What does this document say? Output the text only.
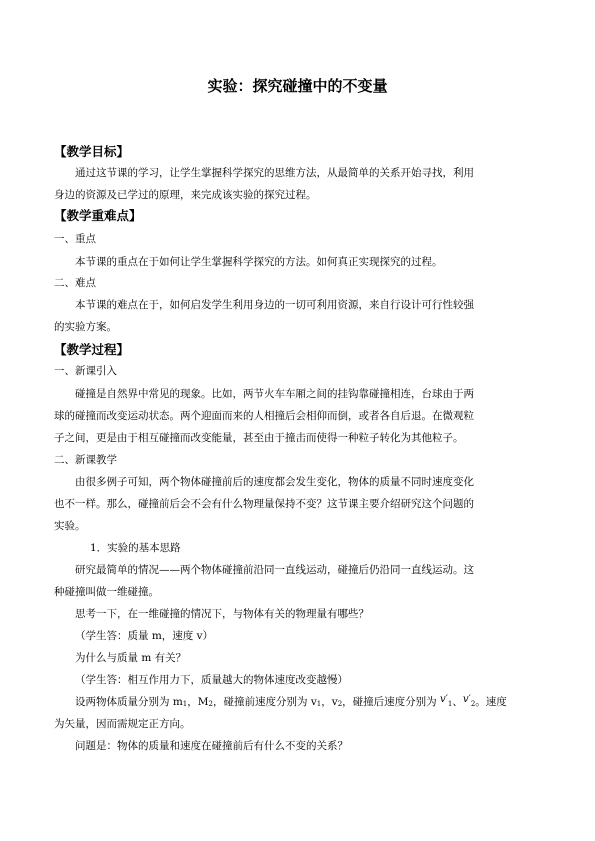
实验：探究碰撞中的不变量
【教学目标】
通过这节课的学习，让学生掌握科学探究的思维方法，从最简单的关系开始寻找，利用
身边的资源及已学过的原理，来完成该实验的探究过程。
【教学重难点】
一、重点
本节课的重点在于如何让学生掌握科学探究的方法。如何真正实现探究的过程。
二、难点
本节课的难点在于，如何启发学生利用身边的一切可利用资源，来自行设计可行性较强
的实验方案。
【教学过程】
一、新课引入
碰撞是自然界中常见的现象。比如，两节火车车厢之间的挂钩靠碰撞相连，台球由于两
球的碰撞而改变运动状态。两个迎面而来的人相撞后会相仰而倒，或者各自后退。在微观粒
子之间，更是由于相互碰撞而改变能量，甚至由于撞击而使得一种粒子转化为其他粒子。
二、新课教学
由很多例子可知，两个物体碰撞前后的速度都会发生变化，物体的质量不同时速度变化
也不一样。那么，碰撞前后会不会有什么物理量保持不变？这节课主要介绍研究这个问题的
实验。
1．实验的基本思路
研究最简单的情况——两个物体碰撞前沿同一直线运动，碰撞后仍沿同一直线运动。这
种碰撞叫做一维碰撞。
思考一下，在一维碰撞的情况下，与物体有关的物理量有哪些？
（学生答：质量 m，速度 v）
为什么与质量 m 有关？
（学生答：相互作用力下，质量越大的物体速度改变越慢）
设两物体质量分别为 m1，M2，碰撞前速度分别为 v1，v2，碰撞后速度分别为 v′1、v′2。速度
为矢量，因而需规定正方向。
问题是：物体的质量和速度在碰撞前后有什么不变的关系？
